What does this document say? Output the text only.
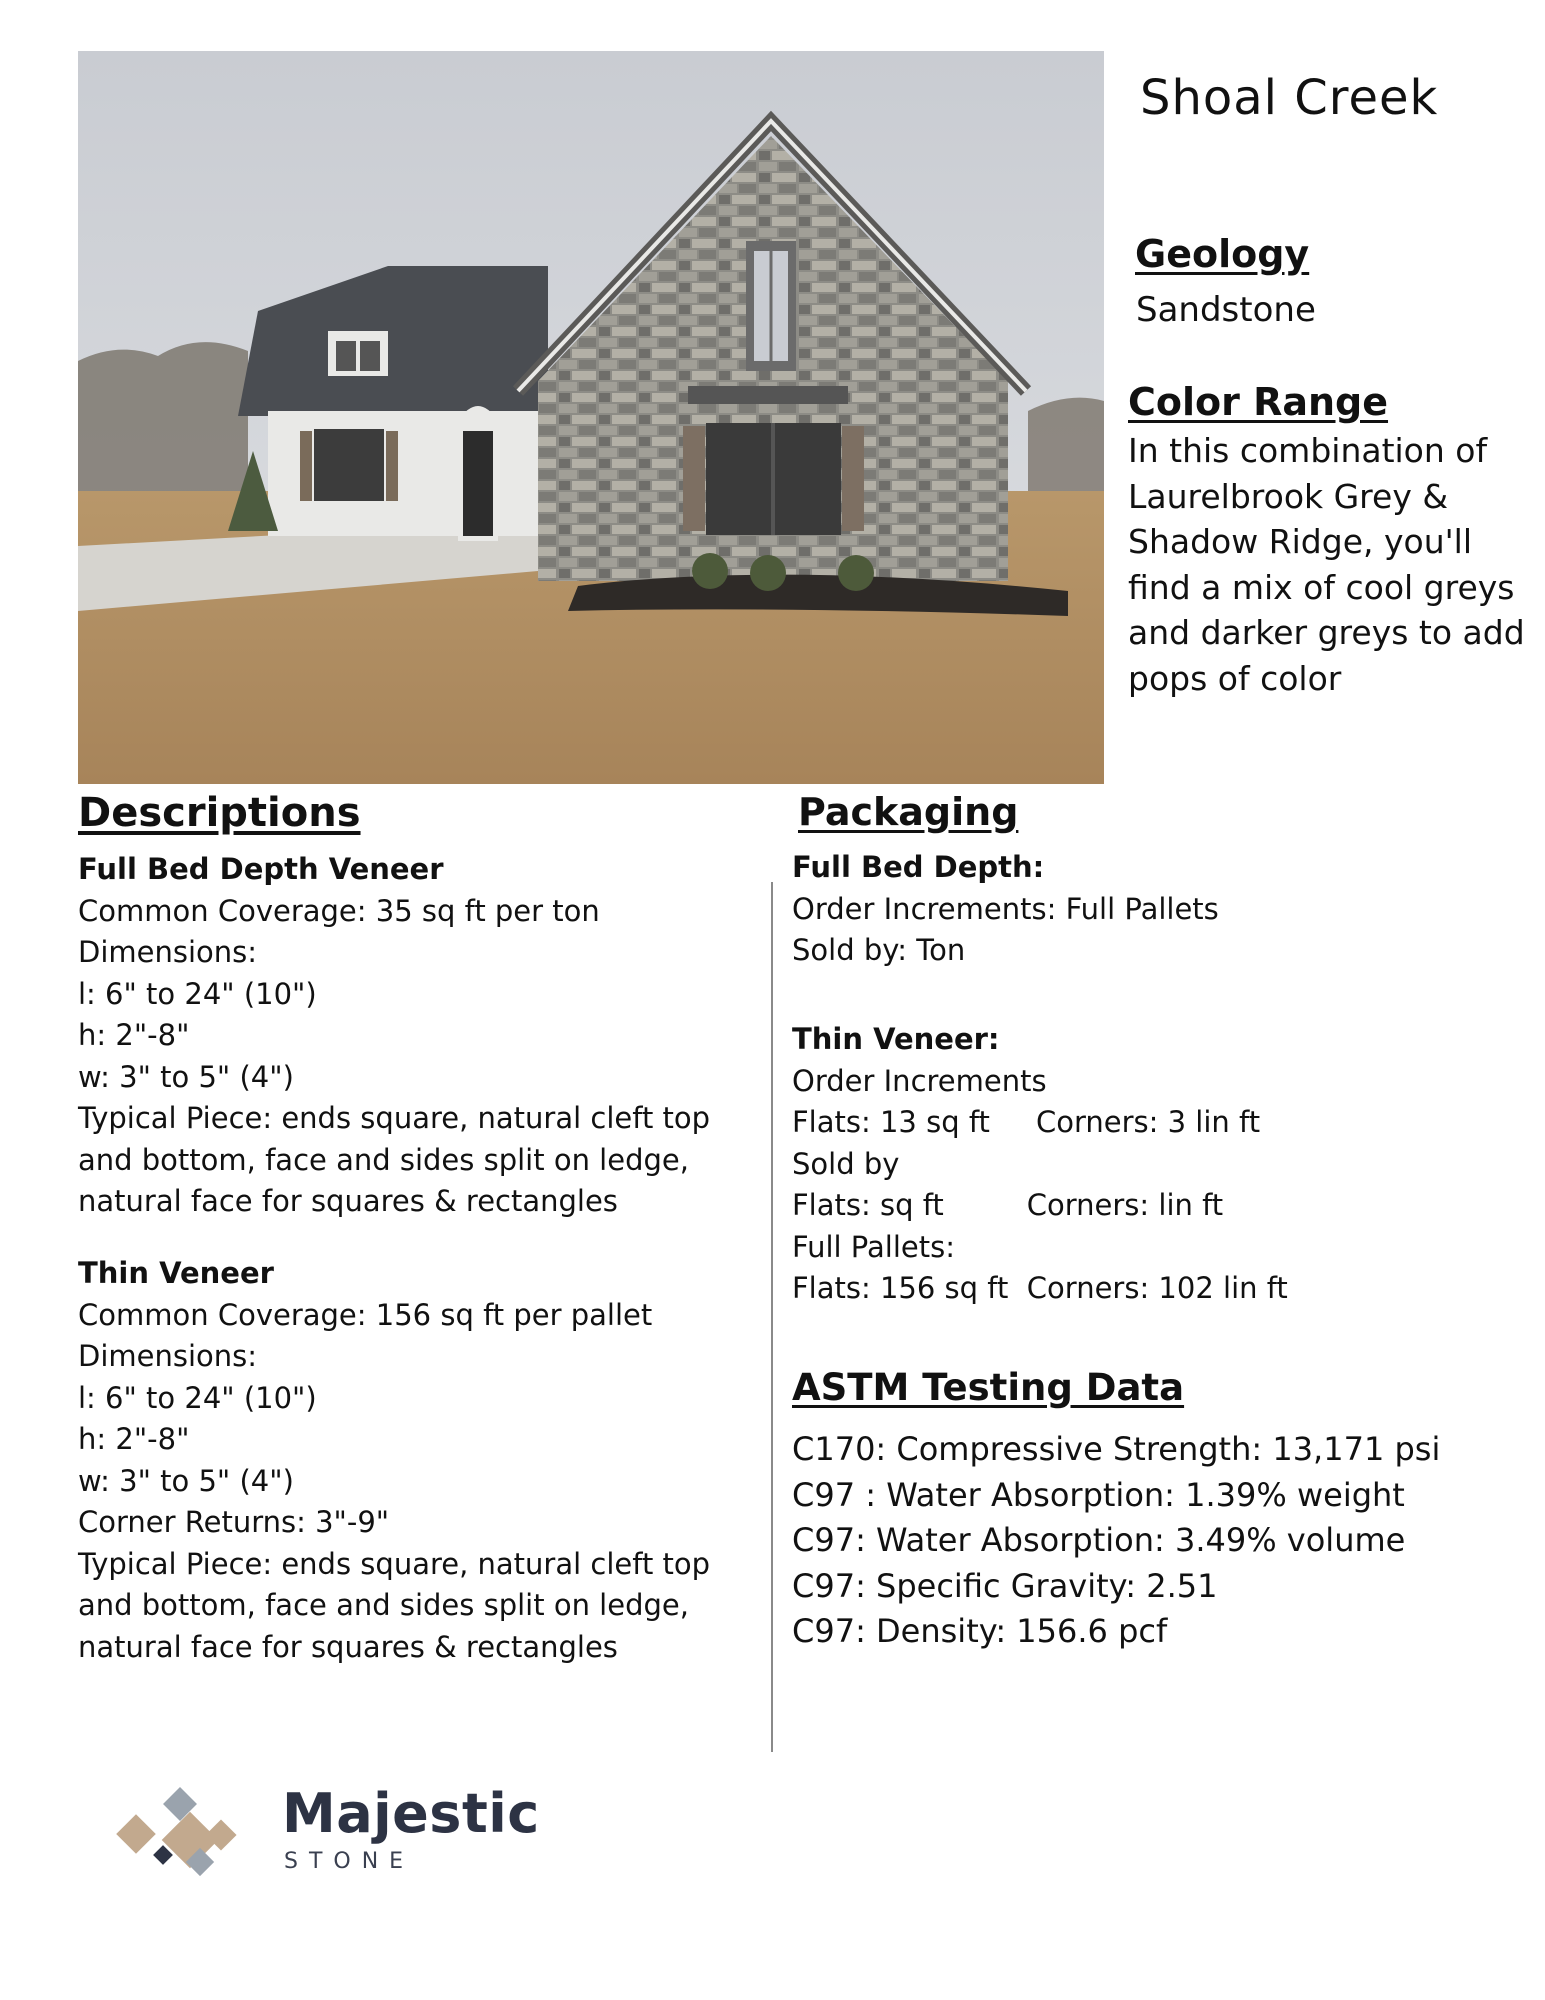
Shoal Creek
Geology
Sandstone
Color Range
In this combination of Laurelbrook Grey & Shadow Ridge, you'll find a mix of cool greys and darker greys to add pops of color
Descriptions
Full Bed Depth Veneer
Common Coverage: 35 sq ft per ton
Dimensions:
l: 6" to 24" (10")
h: 2"-8"
w: 3" to 5" (4")
Typical Piece: ends square, natural cleft top
and bottom, face and sides split on ledge,
natural face for squares & rectangles
Thin Veneer
Common Coverage: 156 sq ft per pallet
Dimensions:
l: 6" to 24" (10")
h: 2"-8"
w: 3" to 5" (4")
Corner Returns: 3"-9"
Typical Piece: ends square, natural cleft top
and bottom, face and sides split on ledge,
natural face for squares & rectangles
Packaging
Full Bed Depth:
Order Increments: Full Pallets
Sold by: Ton
Thin Veneer:
Order Increments
Flats: 13 sq ft     Corners: 3 lin ft
Sold by
Flats: sq ft         Corners: lin ft
Full Pallets:
Flats: 156 sq ft  Corners: 102 lin ft
ASTM Testing Data
C170: Compressive Strength: 13,171 psi
C97 : Water Absorption: 1.39% weight
C97: Water Absorption: 3.49% volume
C97: Specific Gravity: 2.51
C97: Density: 156.6 pcf
Majestic
STONE
